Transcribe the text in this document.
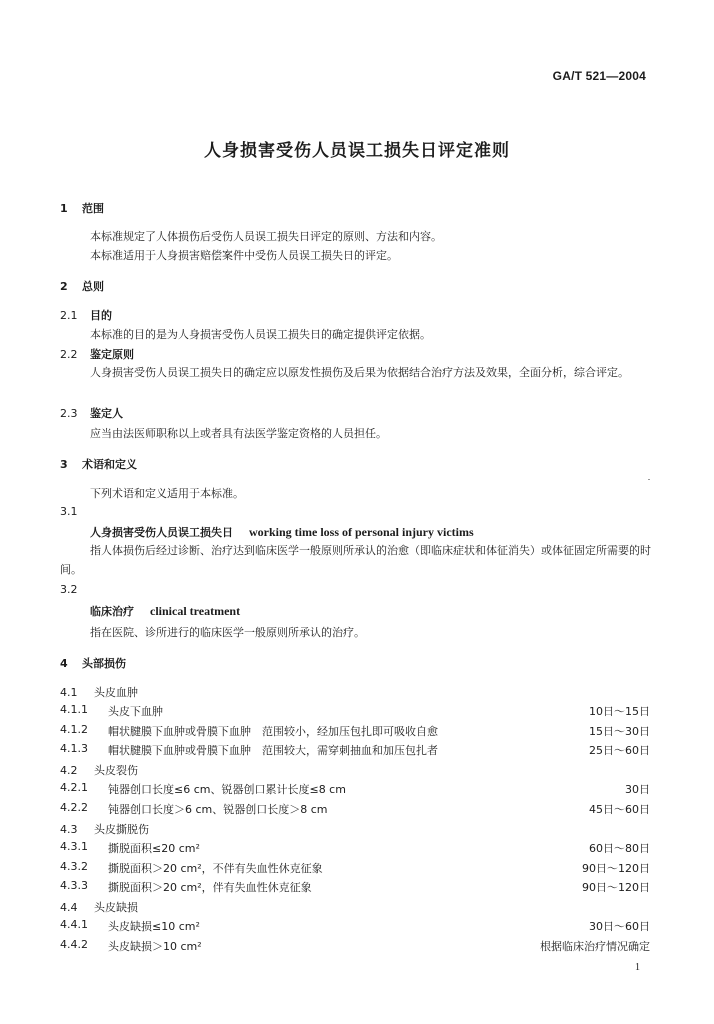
GA/T 521—2004
人身损害受伤人员误工损失日评定准则
1 范围
本标准规定了人体损伤后受伤人员误工损失日评定的原则、方法和内容。
本标准适用于人身损害赔偿案件中受伤人员误工损失日的评定。
2 总则
2.1 目的
本标准的目的是为人身损害受伤人员误工损失日的确定提供评定依据。
2.2 鉴定原则
人身损害受伤人员误工损失日的确定应以原发性损伤及后果为依据结合治疗方法及效果，全面分析，综合评定。
2.3 鉴定人
应当由法医师职称以上或者具有法医学鉴定资格的人员担任。
3 术语和定义
下列术语和定义适用于本标准。
3.1
人身损害受伤人员误工损失日 working time loss of personal injury victims
指人体损伤后经过诊断、治疗达到临床医学一般原则所承认的治愈（即临床症状和体征消失）或体征固定所需要的时间。
3.2
临床治疗 clinical treatment
指在医院、诊所进行的临床医学一般原则所承认的治疗。
4 头部损伤
4.1 头皮血肿
4.1.1 头皮下血肿	10日～15日
4.1.2 帽状腱膜下血肿或骨膜下血肿　范围较小，经加压包扎即可吸收自愈	15日～30日
4.1.3 帽状腱膜下血肿或骨膜下血肿　范围较大，需穿刺抽血和加压包扎者	25日～60日
4.2 头皮裂伤
4.2.1 钝器创口长度≤6 cm、锐器创口累计长度≤8 cm	30日
4.2.2 钝器创口长度＞6 cm、锐器创口长度＞8 cm	45日～60日
4.3 头皮撕脱伤
4.3.1 撕脱面积≤20 cm²	60日～80日
4.3.2 撕脱面积＞20 cm²，不伴有失血性休克征象	90日～120日
4.3.3 撕脱面积＞20 cm²，伴有失血性休克征象	90日～120日
4.4 头皮缺损
4.4.1 头皮缺损≤10 cm²	30日～60日
4.4.2 头皮缺损＞10 cm²	根据临床治疗情况确定
1
